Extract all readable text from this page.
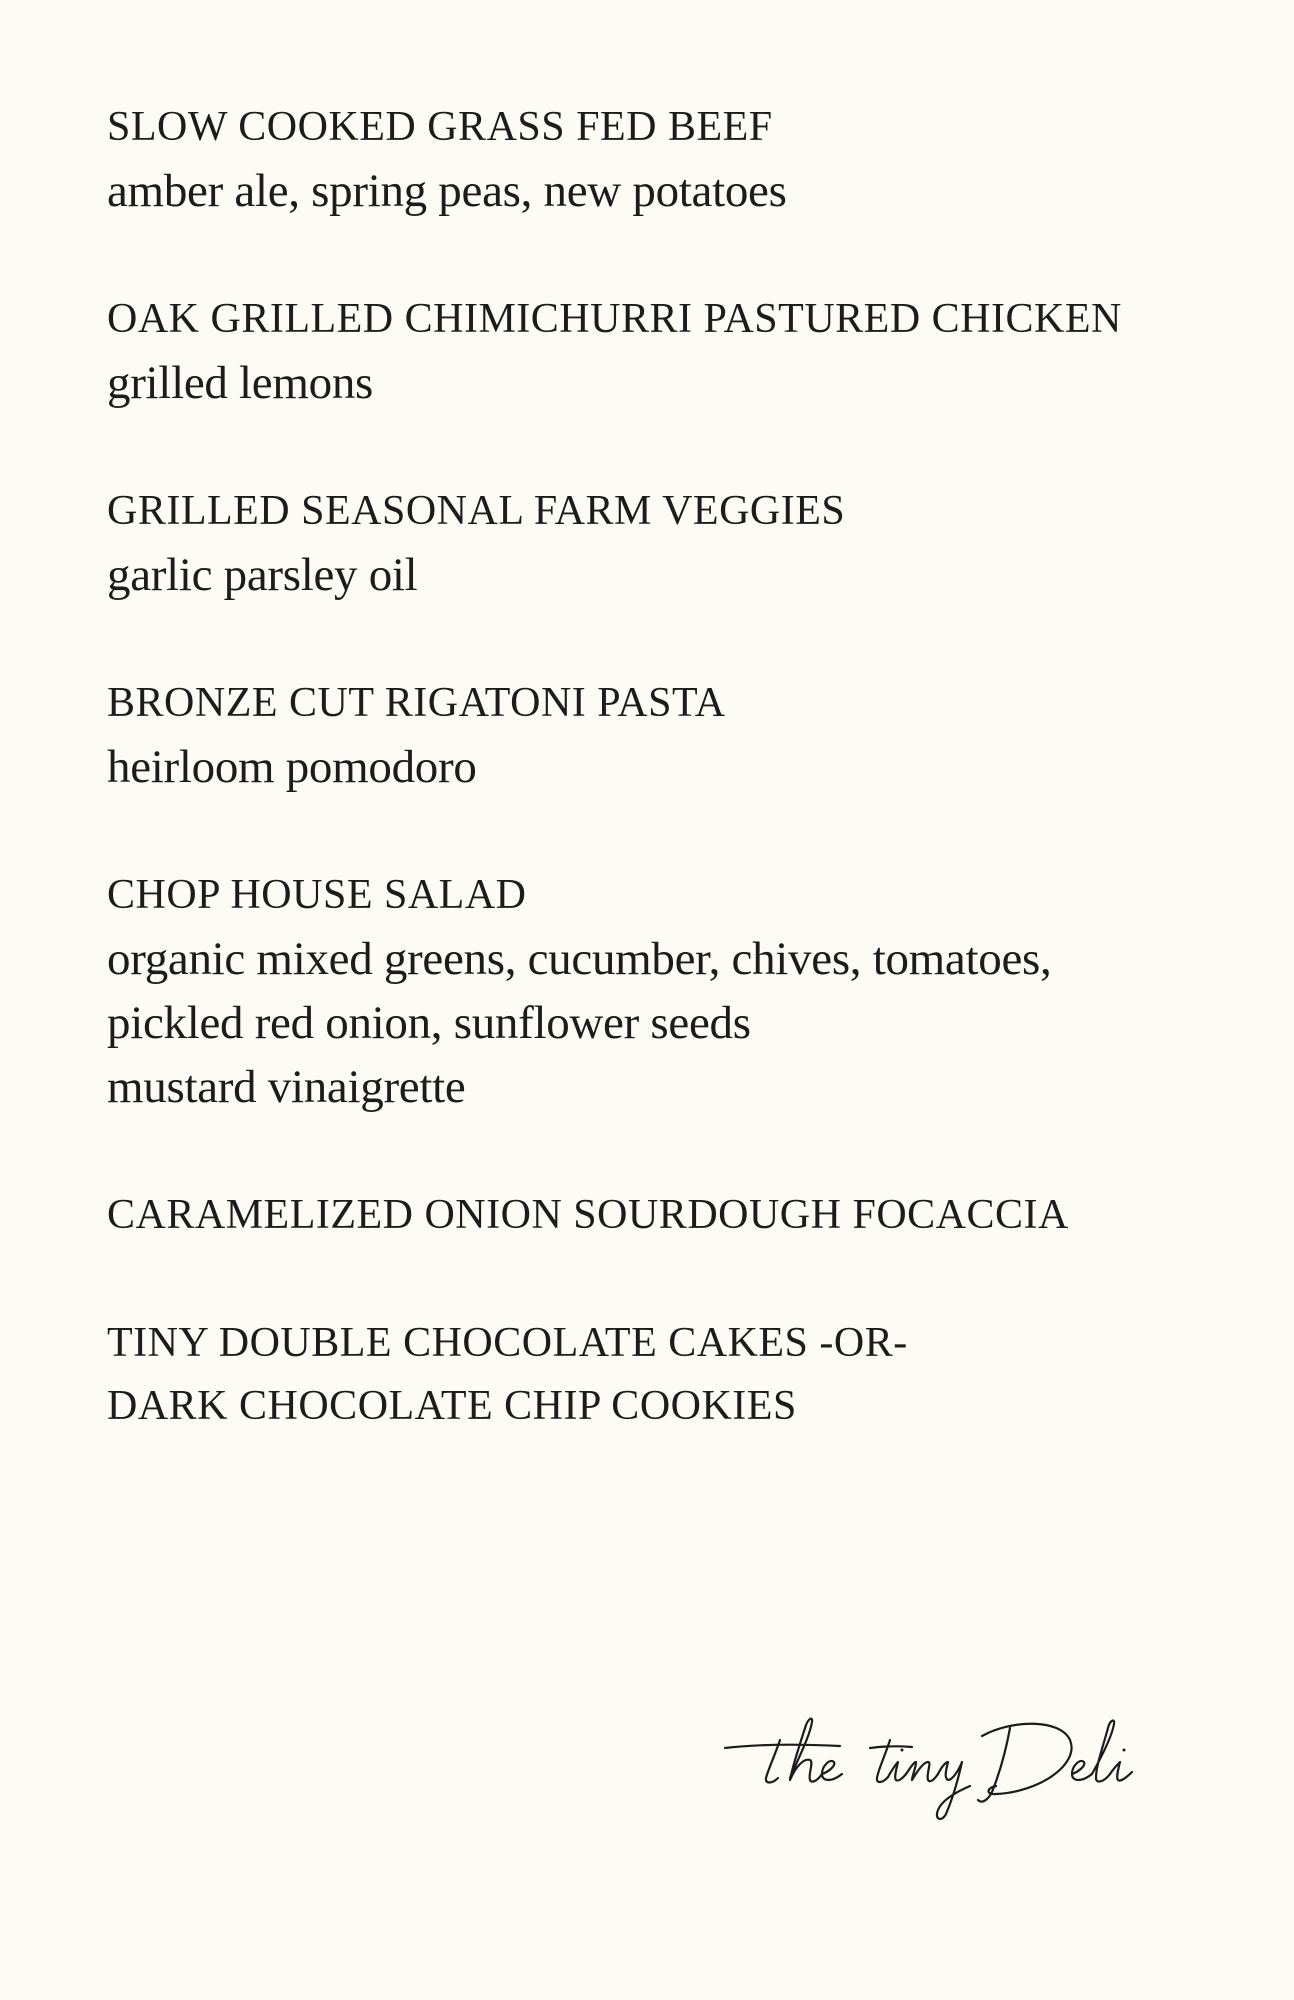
SLOW COOKED GRASS FED BEEF
amber ale, spring peas, new potatoes
OAK GRILLED CHIMICHURRI PASTURED CHICKEN
grilled lemons
GRILLED SEASONAL FARM VEGGIES
garlic parsley oil
BRONZE CUT RIGATONI PASTA
heirloom pomodoro
CHOP HOUSE SALAD
organic mixed greens, cucumber, chives, tomatoes,
pickled red onion, sunflower seeds
mustard vinaigrette
CARAMELIZED ONION SOURDOUGH FOCACCIA
TINY DOUBLE CHOCOLATE CAKES -OR-
DARK CHOCOLATE CHIP COOKIES
